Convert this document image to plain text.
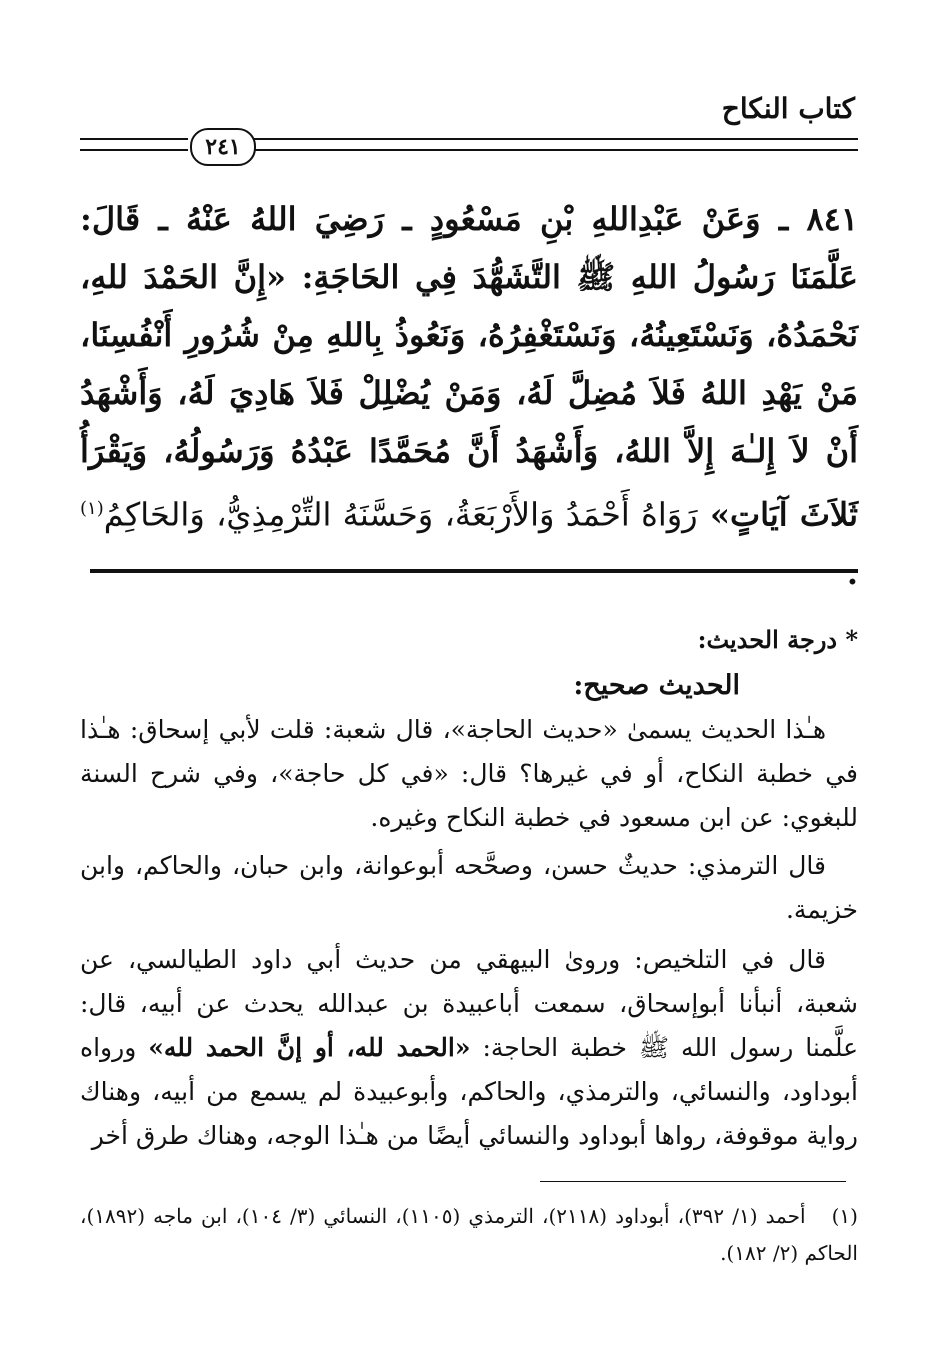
كتاب النكاح
٢٤١

٨٤١ ـ وَعَنْ عَبْدِاللهِ بْنِ مَسْعُودٍ ـ رَضِيَ اللهُ عَنْهُ ـ قَالَ: عَلَّمَنَا رَسُولُ اللهِ ﷺ التَّشَهُّدَ فِي الحَاجَةِ: «إِنَّ الحَمْدَ للهِ، نَحْمَدُهُ، وَنَسْتَعِينُهُ، وَنَسْتَغْفِرُهُ، وَنَعُوذُ بِاللهِ مِنْ شُرُورِ أَنْفُسِنَا، مَنْ يَهْدِ اللهُ فَلاَ مُضِلَّ لَهُ، وَمَنْ يُضْلِلْ فَلاَ هَادِيَ لَهُ، وَأَشْهَدُ أَنْ لاَ إِلـٰهَ إِلاَّ اللهُ، وَأَشْهَدُ أَنَّ مُحَمَّدًا عَبْدُهُ وَرَسُولُهُ، وَيَقْرَأُ ثَلاَثَ آيَاتٍ» رَوَاهُ أَحْمَدُ وَالأَرْبَعَةُ، وَحَسَّنَهُ التِّرْمِذِيُّ، وَالحَاكِمُ$^{(١)}$

* درجة الحديث:

الحديث صحيح:

هـٰذا الحديث يسمىٰ «حديث الحاجة»، قال شعبة: قلت لأبي إسحاق: هـٰذا في خطبة النكاح، أو في غيرها؟ قال: «في كل حاجة»، وفي شرح السنة للبغوي: عن ابن مسعود في خطبة النكاح وغيره.

قال الترمذي: حديثٌ حسن، وصحَّحه أبوعوانة، وابن حبان، والحاكم، وابن خزيمة.

قال في التلخيص: وروىٰ البيهقي من حديث أبي داود الطيالسي، عن شعبة، أنبأنا أبوإسحاق، سمعت أباعبيدة بن عبدالله يحدث عن أبيه، قال: علَّمنا رسول الله ﷺ خطبة الحاجة: «الحمد لله، أو إنَّ الحمد لله» ورواه أبوداود، والنسائي، والترمذي، والحاكم، وأبوعبيدة لم يسمع من أبيه، وهناك رواية موقوفة، رواها أبوداود والنسائي أيضًا من هـٰذا الوجه، وهناك طرق أخر

(١) أحمد (١/ ٣٩٢)، أبوداود (٢١١٨)، الترمذي (١١٠٥)، النسائي (٣/ ١٠٤)، ابن ماجه (١٨٩٢)، الحاكم (٢/ ١٨٢).
